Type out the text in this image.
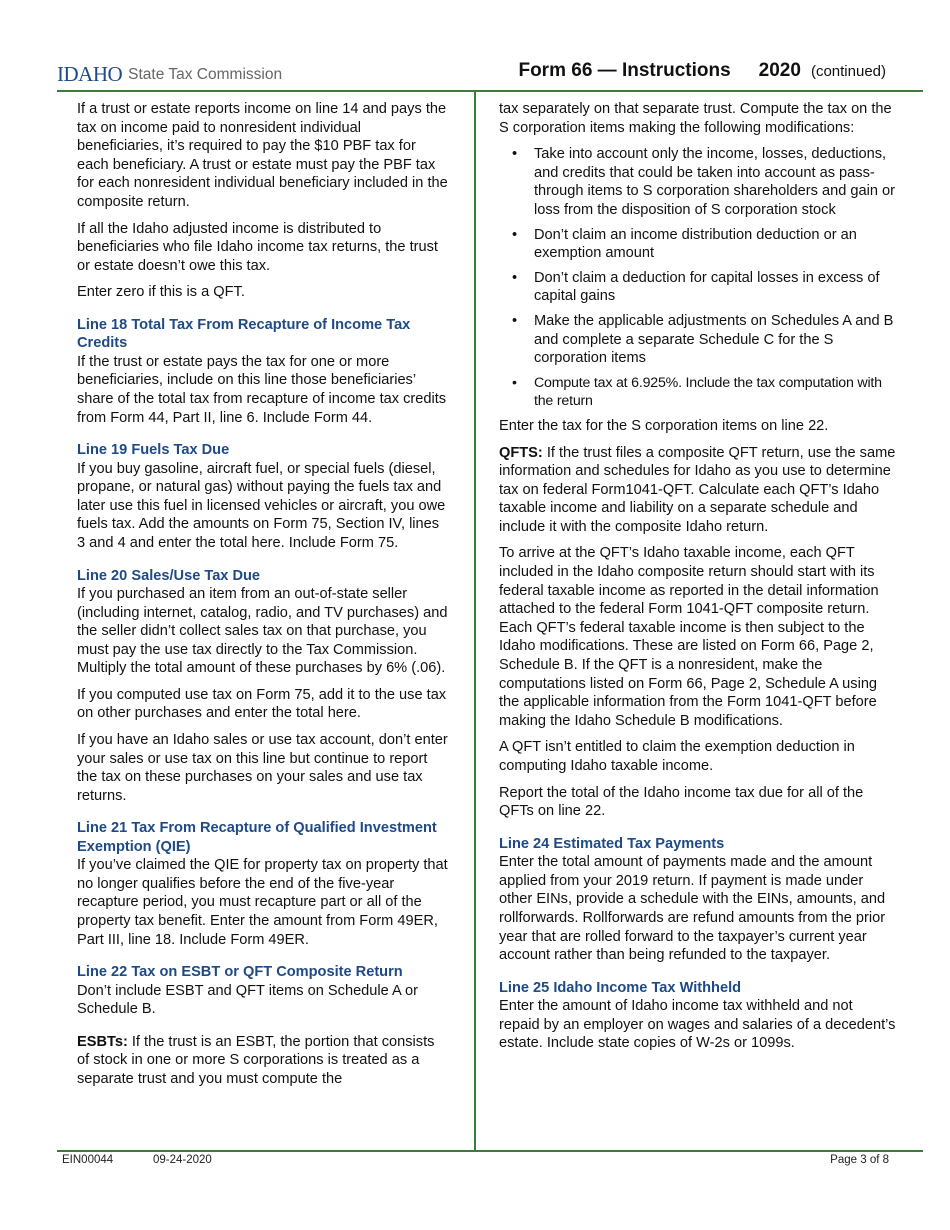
IDAHO State Tax Commission	Form 66 — Instructions 2020 (continued)

If a trust or estate reports income on line 14 and pays the tax on income paid to nonresident individual beneficiaries, it’s required to pay the $10 PBF tax for each beneficiary. A trust or estate must pay the PBF tax for each nonresident individual beneficiary included in the composite return.

If all the Idaho adjusted income is distributed to beneficiaries who file Idaho income tax returns, the trust or estate doesn’t owe this tax.

Enter zero if this is a QFT.

Line 18 Total Tax From Recapture of Income Tax Credits

If the trust or estate pays the tax for one or more beneficiaries, include on this line those beneficiaries’ share of the total tax from recapture of income tax credits from Form 44, Part II, line 6. Include Form 44.

Line 19 Fuels Tax Due

If you buy gasoline, aircraft fuel, or special fuels (diesel, propane, or natural gas) without paying the fuels tax and later use this fuel in licensed vehicles or aircraft, you owe fuels tax. Add the amounts on Form 75, Section IV, lines 3 and 4 and enter the total here. Include Form 75.

Line 20 Sales/Use Tax Due

If you purchased an item from an out-of-state seller (including internet, catalog, radio, and TV purchases) and the seller didn’t collect sales tax on that purchase, you must pay the use tax directly to the Tax Commission. Multiply the total amount of these purchases by 6% (.06).

If you computed use tax on Form 75, add it to the use tax on other purchases and enter the total here.

If you have an Idaho sales or use tax account, don’t enter your sales or use tax on this line but continue to report the tax on these purchases on your sales and use tax returns.

Line 21 Tax From Recapture of Qualified Investment Exemption (QIE)

If you’ve claimed the QIE for property tax on property that no longer qualifies before the end of the five-year recapture period, you must recapture part or all of the property tax benefit. Enter the amount from Form 49ER, Part III, line 18. Include Form 49ER.

Line 22 Tax on ESBT or QFT Composite Return

Don’t include ESBT and QFT items on Schedule A or Schedule B.

ESBTs: If the trust is an ESBT, the portion that consists of stock in one or more S corporations is treated as a separate trust and you must compute the

tax separately on that separate trust. Compute the tax on the S corporation items making the following modifications:

• Take into account only the income, losses, deductions, and credits that could be taken into account as pass-through items to S corporation shareholders and gain or loss from the disposition of S corporation stock
• Don’t claim an income distribution deduction or an exemption amount
• Don’t claim a deduction for capital losses in excess of capital gains
• Make the applicable adjustments on Schedules A and B and complete a separate Schedule C for the S corporation items
• Compute tax at 6.925%. Include the tax computation with the return

Enter the tax for the S corporation items on line 22.

QFTS: If the trust files a composite QFT return, use the same information and schedules for Idaho as you use to determine tax on federal Form1041-QFT. Calculate each QFT’s Idaho taxable income and liability on a separate schedule and include it with the composite Idaho return.

To arrive at the QFT’s Idaho taxable income, each QFT included in the Idaho composite return should start with its federal taxable income as reported in the detail information attached to the federal Form 1041-QFT composite return. Each QFT’s federal taxable income is then subject to the Idaho modifications. These are listed on Form 66, Page 2, Schedule B. If the QFT is a nonresident, make the computations listed on Form 66, Page 2, Schedule A using the applicable information from the Form 1041-QFT before making the Idaho Schedule B modifications.

A QFT isn’t entitled to claim the exemption deduction in computing Idaho taxable income.

Report the total of the Idaho income tax due for all of the QFTs on line 22.

Line 24 Estimated Tax Payments

Enter the total amount of payments made and the amount applied from your 2019 return. If payment is made under other EINs, provide a schedule with the EINs, amounts, and rollforwards. Rollforwards are refund amounts from the prior year that are rolled forward to the taxpayer’s current year account rather than being refunded to the taxpayer.

Line 25 Idaho Income Tax Withheld

Enter the amount of Idaho income tax withheld and not repaid by an employer on wages and salaries of a decedent’s estate. Include state copies of W-2s or 1099s.

EIN00044	09-24-2020	Page 3 of 8
